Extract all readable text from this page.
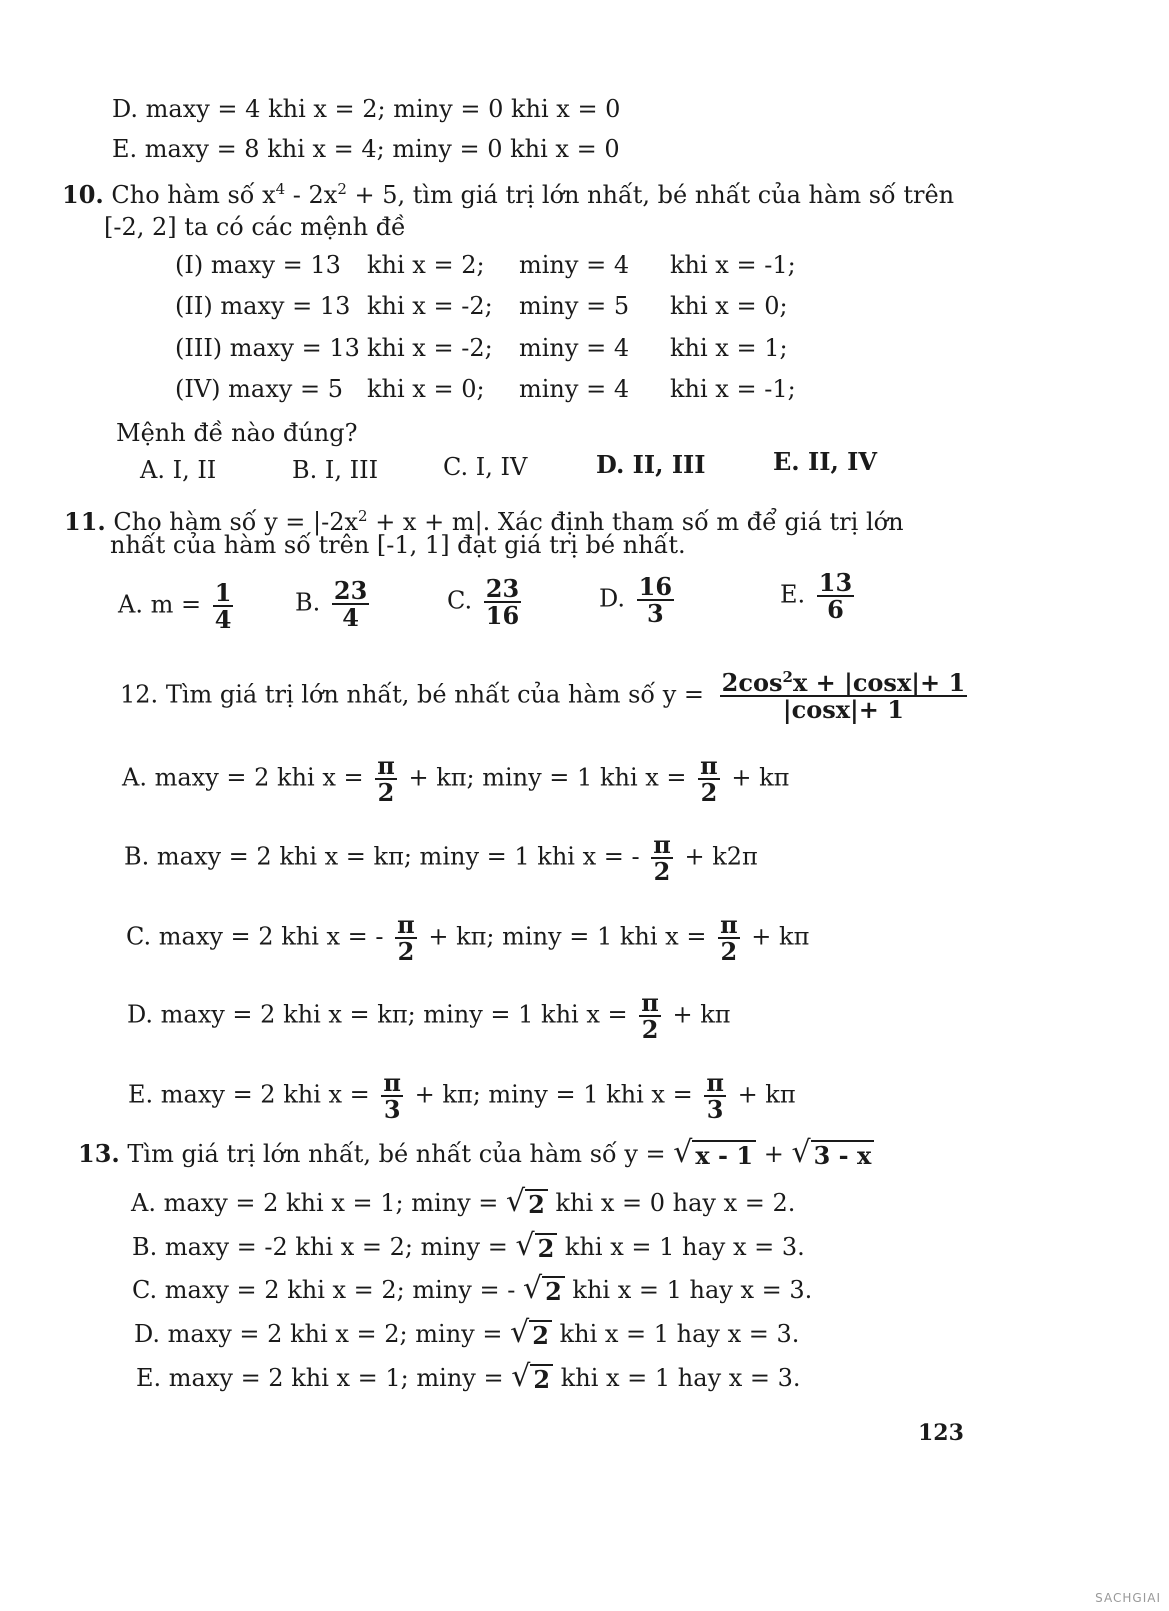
D. maxy = 4 khi x = 2; miny = 0 khi x = 0
E. maxy = 8 khi x = 4; miny = 0 khi x = 0
10. Cho hàm số $x^4 - 2x^2 + 5$, tìm giá trị lớn nhất, bé nhất của hàm số trên
[-2, 2] ta có các mệnh đề
(I) maxy = 13 khi x = 2; miny = 4 khi x = -1;
(II) maxy = 13 khi x = -2; miny = 5 khi x = 0;
(III) maxy = 13 khi x = -2; miny = 4 khi x = 1;
(IV) maxy = 5 khi x = 0; miny = 4 khi x = -1;
Mệnh đề nào đúng?
A. I, II	B. I, III	C. I, IV	D. II, III	E. II, IV
11. Cho hàm số $y = |-2x^2 + x + m|$. Xác định tham số m để giá trị lớn
nhất của hàm số trên [-1, 1] đạt giá trị bé nhất.
A. $m = \frac{1}{4}$	B. $\frac{23}{4}$	C. $\frac{23}{16}$	D. $\frac{16}{3}$	E. $\frac{13}{6}$
12. Tìm giá trị lớn nhất, bé nhất của hàm số $y = \frac{2\cos^2x + |\cos x|+ 1}{|\cos x|+ 1}$
A. maxy = 2 khi $x = \frac{\pi}{2} + k\pi$; miny = 1 khi $x = \frac{\pi}{2} + k\pi$
B. maxy = 2 khi x = kπ; miny = 1 khi x = - $\frac{\pi}{2} + k2\pi$
C. maxy = 2 khi x = - $\frac{\pi}{2} + k\pi$; miny = 1 khi $x = \frac{\pi}{2} + k\pi$
D. maxy = 2 khi x = kπ; miny = 1 khi $x = \frac{\pi}{2} + k\pi$
E. maxy = 2 khi $x = \frac{\pi}{3} + k\pi$; miny = 1 khi $x = \frac{\pi}{3} + k\pi$
13. Tìm giá trị lớn nhất, bé nhất của hàm số y = √ x - 1 + √ 3 - x
A. maxy = 2 khi x = 1; miny = √ 2 khi x = 0 hay x = 2.
B. maxy = -2 khi x = 2; miny = √ 2 khi x = 1 hay x = 3.
C. maxy = 2 khi x = 2; miny = - √ 2 khi x = 1 hay x = 3.
D. maxy = 2 khi x = 2; miny = √ 2 khi x = 1 hay x = 3.
E. maxy = 2 khi x = 1; miny = √ 2 khi x = 1 hay x = 3.
123
SACHGIAI
